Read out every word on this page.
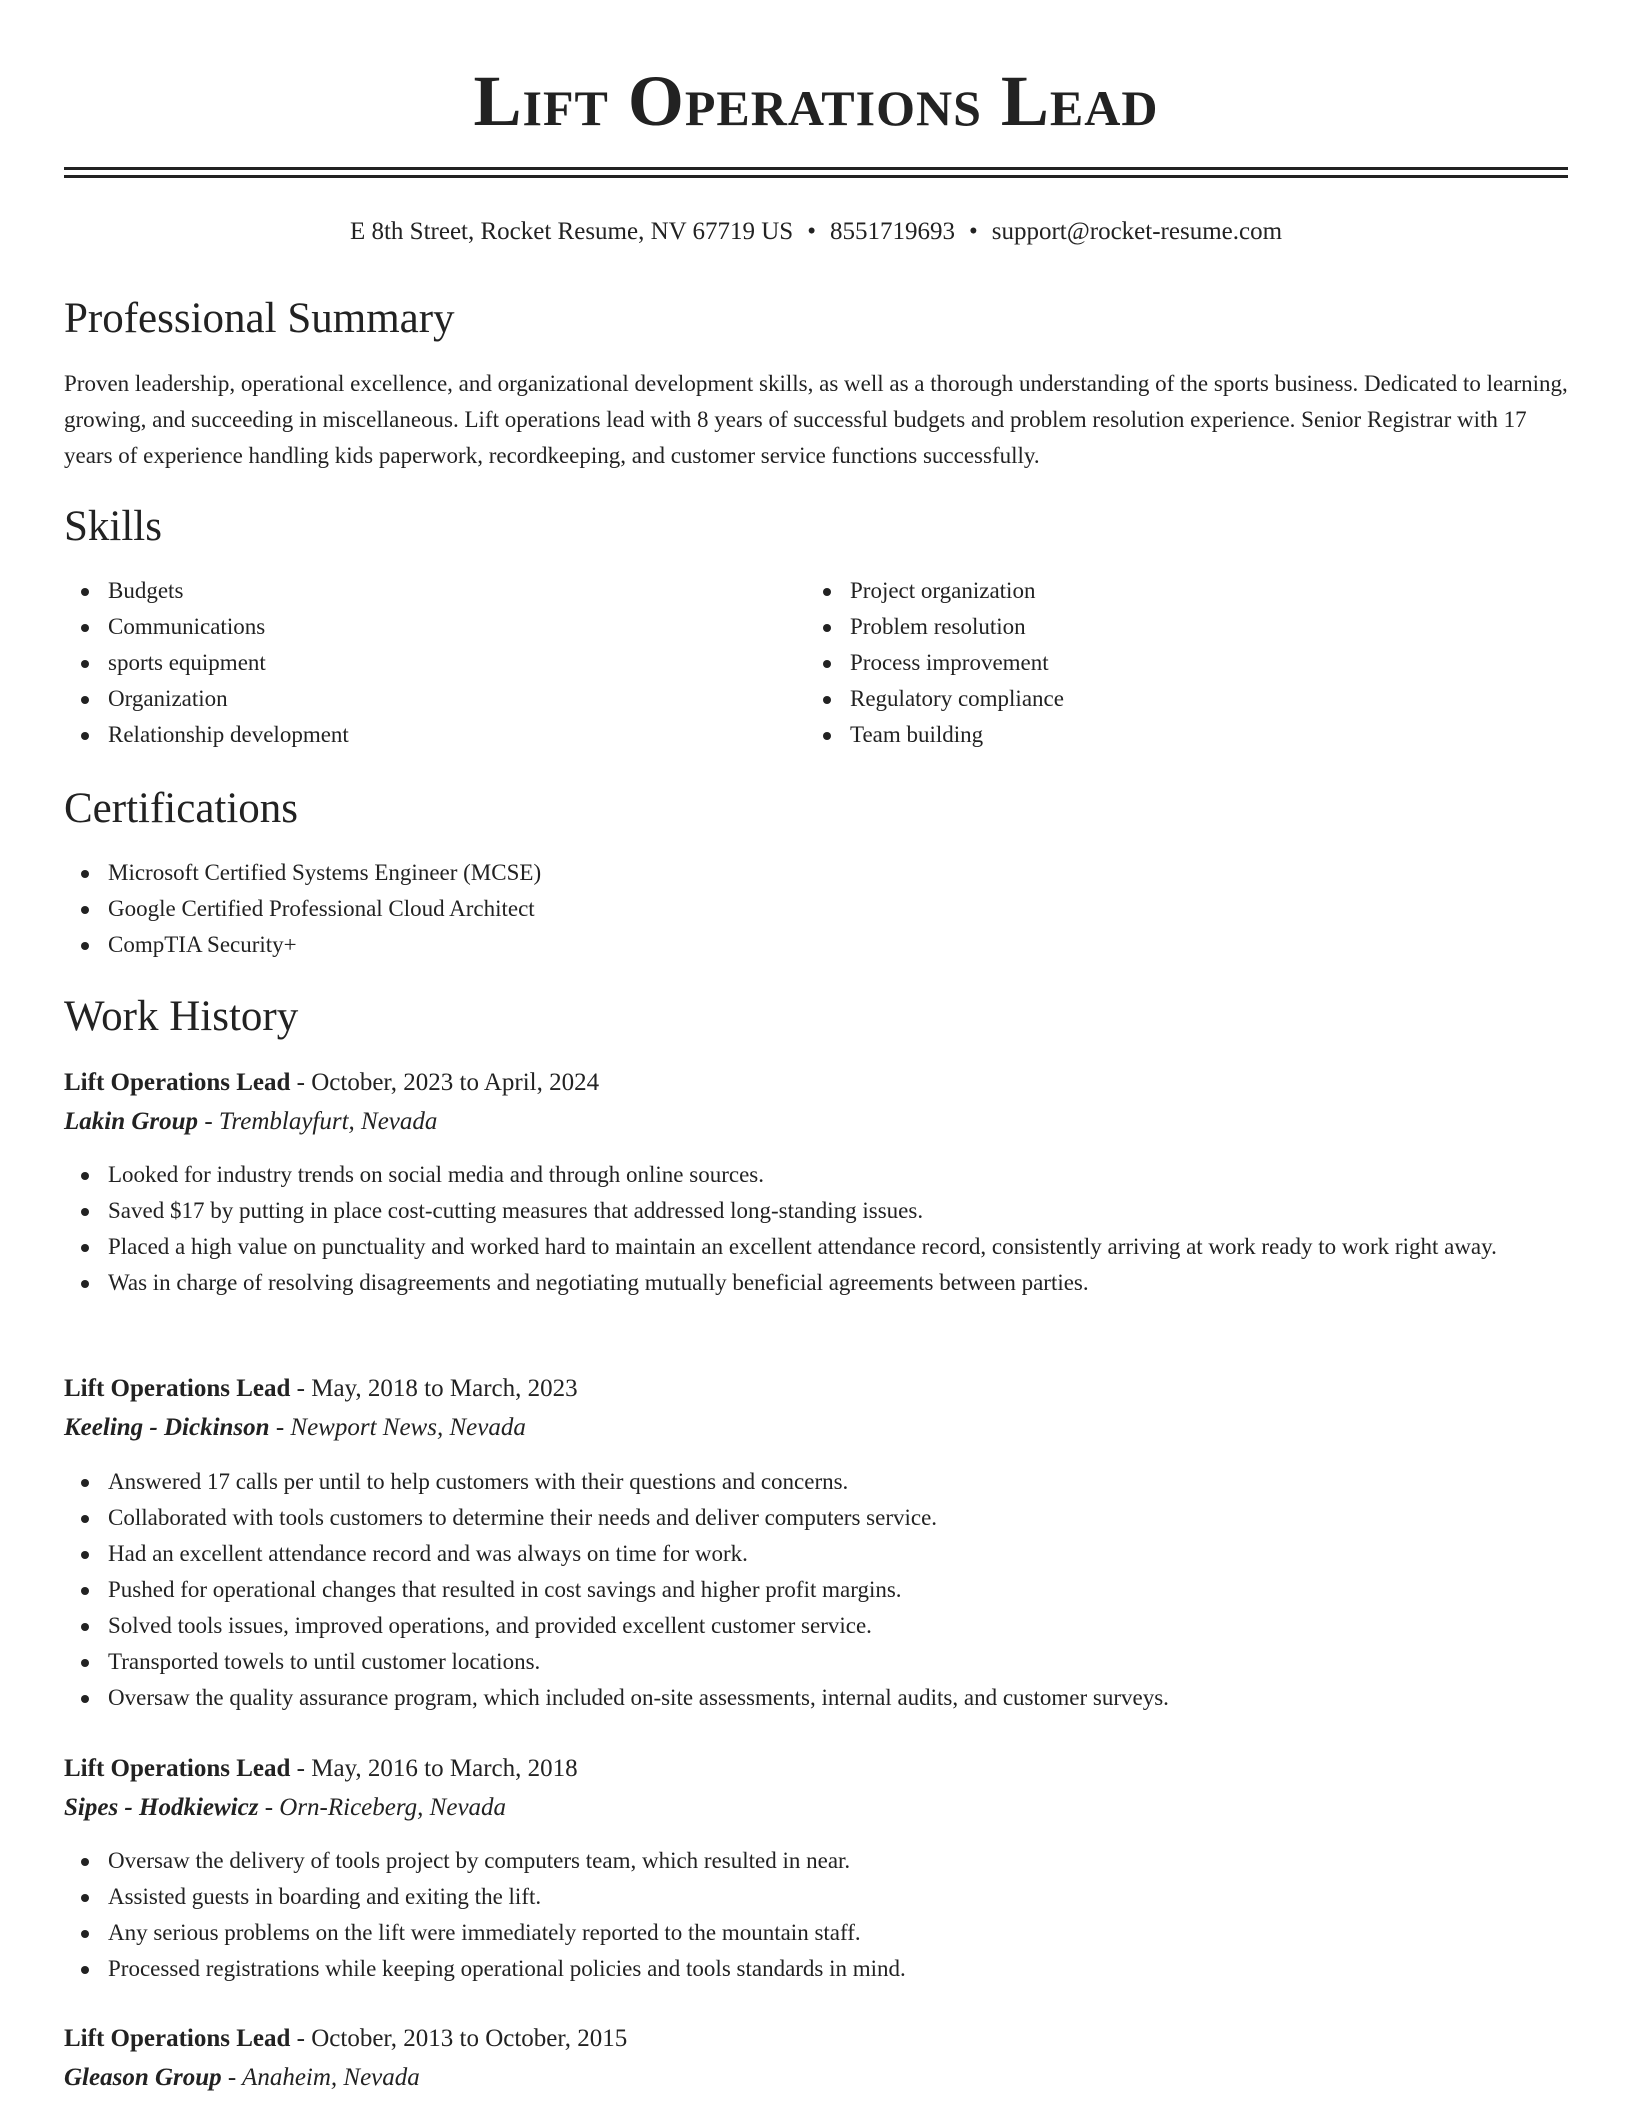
Lift Operations Lead

E 8th Street, Rocket Resume, NV 67719 US • 8551719693 • support@rocket-resume.com

Professional Summary

Proven leadership, operational excellence, and organizational development skills, as well as a thorough understanding of the sports business. Dedicated to learning, growing, and succeeding in miscellaneous. Lift operations lead with 8 years of successful budgets and problem resolution experience. Senior Registrar with 17 years of experience handling kids paperwork, recordkeeping, and customer service functions successfully.

Skills
Budgets
Communications
sports equipment
Organization
Relationship development
Project organization
Problem resolution
Process improvement
Regulatory compliance
Team building
Certifications
Microsoft Certified Systems Engineer (MCSE)
Google Certified Professional Cloud Architect
CompTIA Security+
Work History

Lift Operations Lead - October, 2023 to April, 2024

Lakin Group - Tremblayfurt, Nevada

Looked for industry trends on social media and through online sources.
Saved $17 by putting in place cost-cutting measures that addressed long-standing issues.
Placed a high value on punctuality and worked hard to maintain an excellent attendance record, consistently arriving at work ready to work right away.
Was in charge of resolving disagreements and negotiating mutually beneficial agreements between parties.

Lift Operations Lead - May, 2018 to March, 2023

Keeling - Dickinson - Newport News, Nevada

Answered 17 calls per until to help customers with their questions and concerns.
Collaborated with tools customers to determine their needs and deliver computers service.
Had an excellent attendance record and was always on time for work.
Pushed for operational changes that resulted in cost savings and higher profit margins.
Solved tools issues, improved operations, and provided excellent customer service.
Transported towels to until customer locations.
Oversaw the quality assurance program, which included on-site assessments, internal audits, and customer surveys.

Lift Operations Lead - May, 2016 to March, 2018

Sipes - Hodkiewicz - Orn-Riceberg, Nevada

Oversaw the delivery of tools project by computers team, which resulted in near.
Assisted guests in boarding and exiting the lift.
Any serious problems on the lift were immediately reported to the mountain staff.
Processed registrations while keeping operational policies and tools standards in mind.

Lift Operations Lead - October, 2013 to October, 2015

Gleason Group - Anaheim, Nevada
